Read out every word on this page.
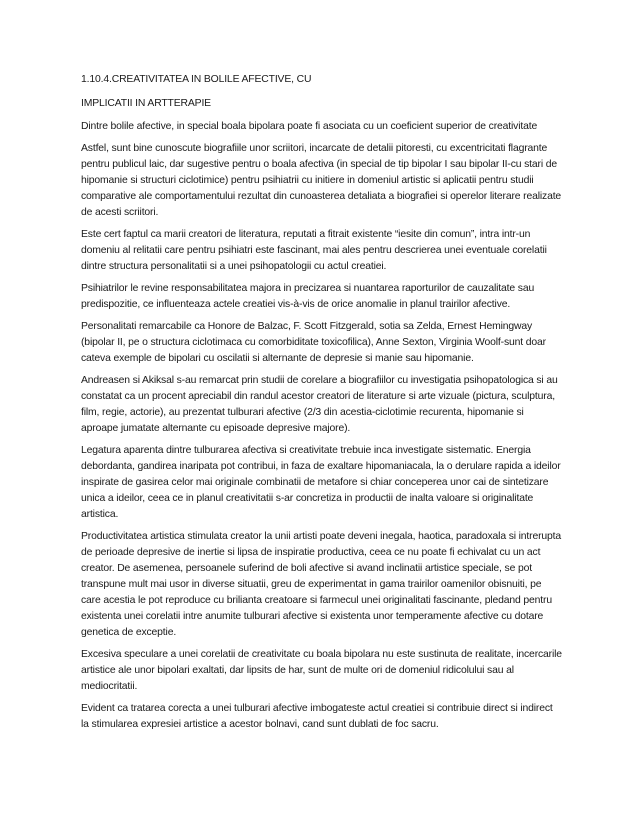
1.10.4.CREATIVITATEA IN BOLILE AFECTIVE, CU

IMPLICATII IN ARTTERAPIE

Dintre bolile afective, in special boala bipolara poate fi asociata cu un coeficient superior de creativitate

Astfel, sunt bine cunoscute biografiile unor scriitori, incarcate de detalii pitoresti, cu excentricitati flagrante pentru publicul laic, dar sugestive pentru o boala afectiva (in special de tip bipolar I sau bipolar II-cu stari de hipomanie si structuri ciclotimice) pentru psihiatrii cu initiere in domeniul artistic si aplicatii pentru studii comparative ale comportamentului rezultat din cunoasterea detaliata a biografiei si operelor literare realizate de acesti scriitori.

Este cert faptul ca marii creatori de literatura, reputati a fitrait existente “iesite din comun”, intra intr-un domeniu al relitatii care pentru psihiatri este fascinant, mai ales pentru descrierea unei eventuale corelatii dintre structura personalitatii si a unei psihopatologii cu actul creatiei.

Psihiatrilor le revine responsabilitatea majora in precizarea si nuantarea raporturilor de cauzalitate sau predispozitie, ce influenteaza actele creatiei vis-à-vis de orice anomalie in planul trairilor afective.

Personalitati remarcabile ca Honore de Balzac, F. Scott Fitzgerald, sotia sa Zelda, Ernest Hemingway (bipolar II, pe o structura ciclotimaca cu comorbiditate toxicofilica), Anne Sexton, Virginia Woolf-sunt doar cateva exemple de bipolari cu oscilatii si alternante de depresie si manie sau hipomanie.

Andreasen si Akiksal s-au remarcat prin studii de corelare a biografiilor cu investigatia psihopatologica si au constatat ca un procent apreciabil din randul acestor creatori de literature si arte vizuale (pictura, sculptura, film, regie, actorie), au prezentat tulburari afective (2/3 din acestia-ciclotimie recurenta, hipomanie si aproape jumatate alternante cu episoade depresive majore).

Legatura aparenta dintre tulburarea afectiva si creativitate trebuie inca investigate sistematic. Energia debordanta, gandirea inaripata pot contribui, in faza de exaltare hipomaniacala, la o derulare rapida a ideilor inspirate de gasirea celor mai originale combinatii de metafore si chiar conceperea unor cai de sintetizare unica a ideilor, ceea ce in planul creativitatii s-ar concretiza in productii de inalta valoare si originalitate artistica.

Productivitatea artistica stimulata creator la unii artisti poate deveni inegala, haotica, paradoxala si intrerupta de perioade depresive de inertie si lipsa de inspiratie productiva, ceea ce nu poate fi echivalat cu un act creator. De asemenea, persoanele suferind de boli afective si avand inclinatii artistice speciale, se pot transpune mult mai usor in diverse situatii, greu de experimentat in gama trairilor oamenilor obisnuiti, pe care acestia le pot reproduce cu brilianta creatoare si farmecul unei originalitati fascinante, pledand pentru existenta unei corelatii intre anumite tulburari afective si existenta unor temperamente afective cu dotare genetica de exceptie.

Excesiva speculare a unei corelatii de creativitate cu boala bipolara nu este sustinuta de realitate, incercarile artistice ale unor bipolari exaltati, dar lipsits de har, sunt de multe ori de domeniul ridicolului sau al mediocritatii.

Evident ca tratarea corecta a unei tulburari afective imbogateste actul creatiei si contribuie direct si indirect la stimularea expresiei artistice a acestor bolnavi, cand sunt dublati de foc sacru.
